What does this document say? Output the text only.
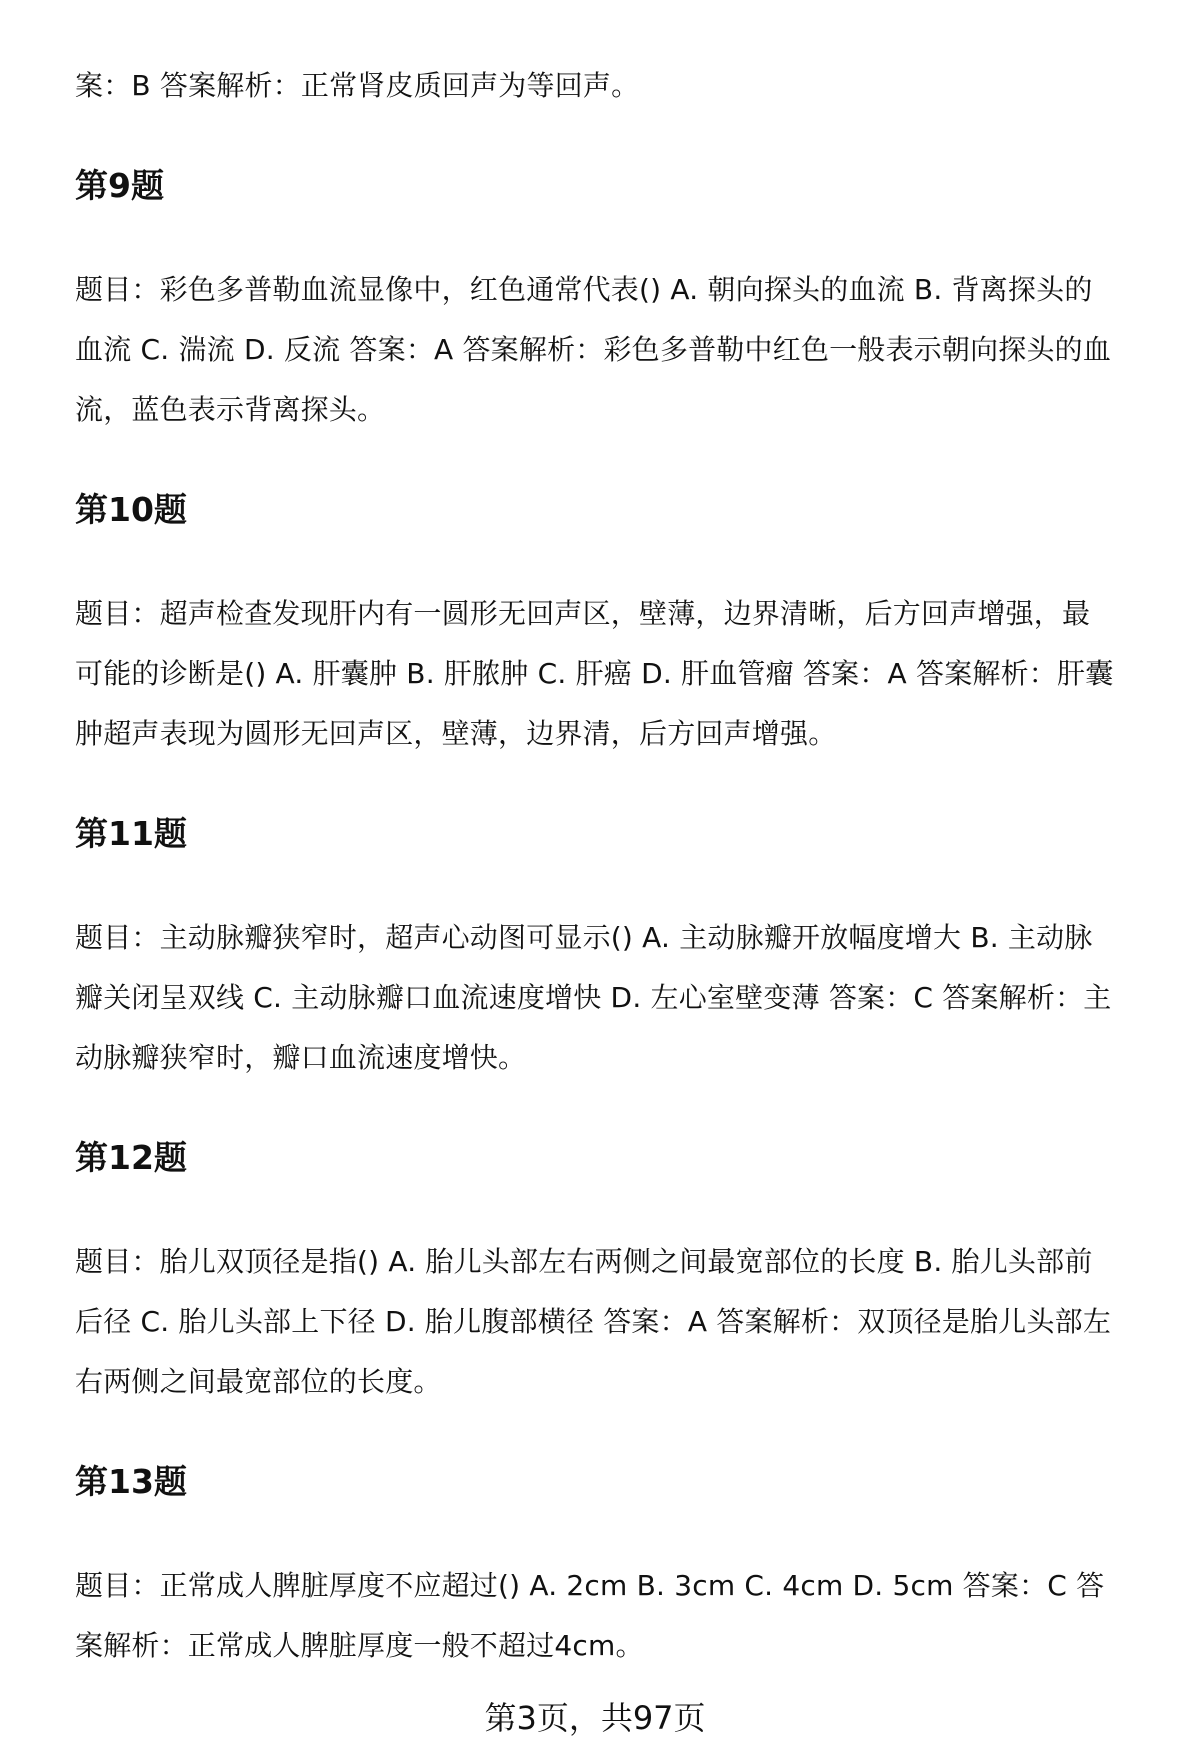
案：B 答案解析：正常肾皮质回声为等回声。

第9题

题目：彩色多普勒血流显像中，红色通常代表() A. 朝向探头的血流 B. 背离探头的血流 C. 湍流 D. 反流 答案：A 答案解析：彩色多普勒中红色一般表示朝向探头的血流，蓝色表示背离探头。

第10题

题目：超声检查发现肝内有一圆形无回声区，壁薄，边界清晰，后方回声增强，最可能的诊断是() A. 肝囊肿 B. 肝脓肿 C. 肝癌 D. 肝血管瘤 答案：A 答案解析：肝囊肿超声表现为圆形无回声区，壁薄，边界清，后方回声增强。

第11题

题目：主动脉瓣狭窄时，超声心动图可显示() A. 主动脉瓣开放幅度增大 B. 主动脉瓣关闭呈双线 C. 主动脉瓣口血流速度增快 D. 左心室壁变薄 答案：C 答案解析：主动脉瓣狭窄时，瓣口血流速度增快。

第12题

题目：胎儿双顶径是指() A. 胎儿头部左右两侧之间最宽部位的长度 B. 胎儿头部前后径 C. 胎儿头部上下径 D. 胎儿腹部横径 答案：A 答案解析：双顶径是胎儿头部左右两侧之间最宽部位的长度。

第13题

题目：正常成人脾脏厚度不应超过() A. 2cm B. 3cm C. 4cm D. 5cm 答案：C 答案解析：正常成人脾脏厚度一般不超过4cm。

第3页，共97页
